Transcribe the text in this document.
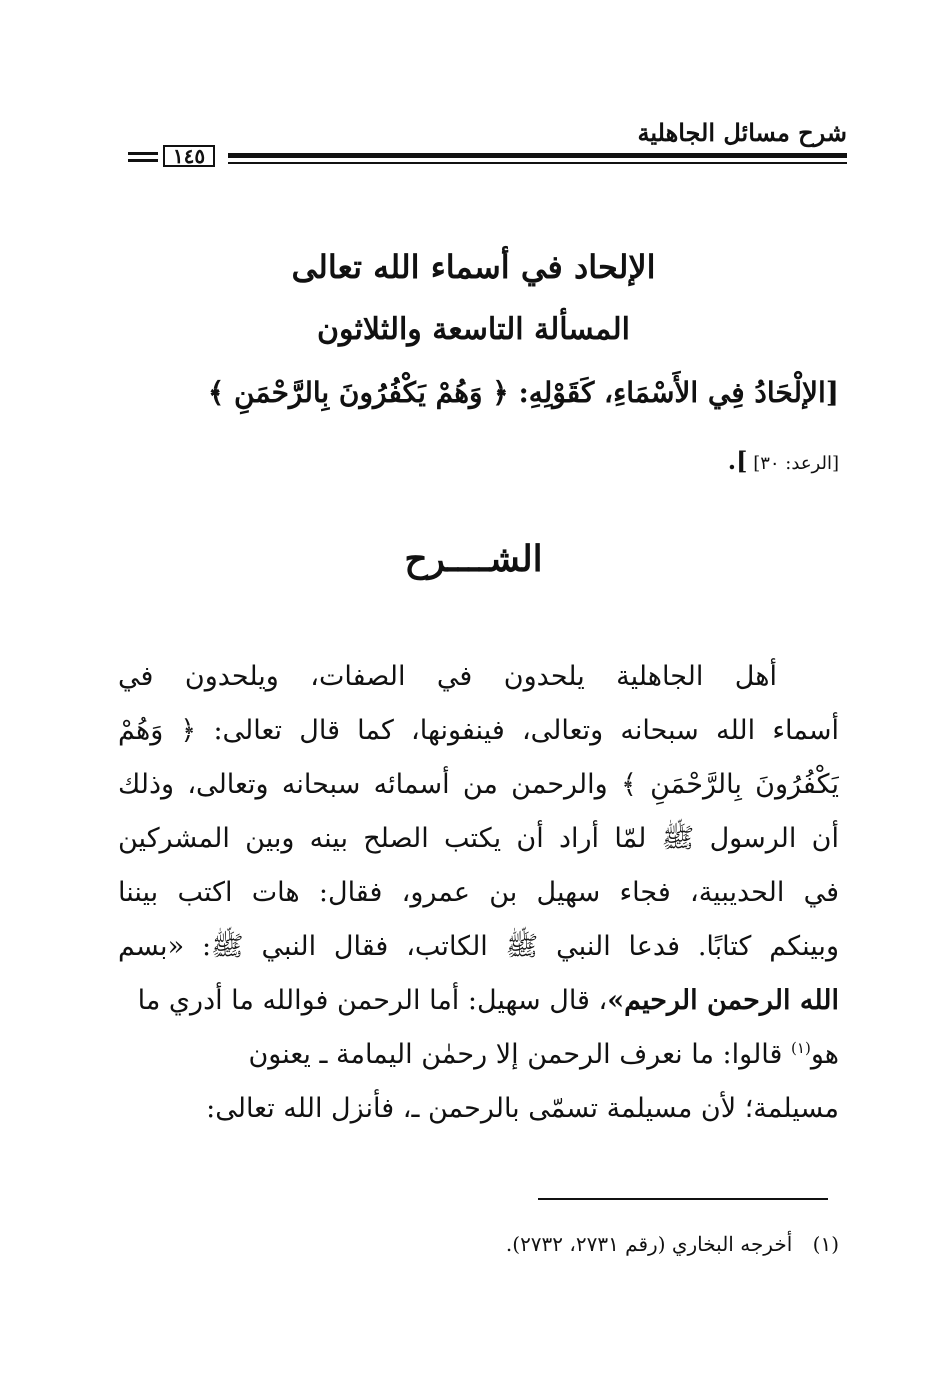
شرح مسائل الجاهلية
١٤٥
الإلحاد في أسماء الله تعالى
المسألة التاسعة والثلاثون
[الإلْحَادُ فِي الأَسْمَاءِ، كَقَوْلِهِ: ﴿ وَهُمْ يَكْفُرُونَ بِالرَّحْمَنِ ﴾
[الرعد: ٣٠] ].
الشــــرح
أهل الجاهلية يلحدون في الصفات، ويلحدون في
أسماء الله سبحانه وتعالى، فينفونها، كما قال تعالى: ﴿ وَهُمْ
يَكْفُرُونَ بِالرَّحْمَنِ ﴾ والرحمن من أسمائه سبحانه وتعالى، وذلك
أن الرسول ﷺ لمّا أراد أن يكتب الصلح بينه وبين المشركين
في الحديبية، فجاء سهيل بن عمرو، فقال: هات اكتب بيننا
وبينكم كتابًا. فدعا النبي ﷺ الكاتب، فقال النبي ﷺ: «بسم
الله الرحمن الرحيم»، قال سهيل: أما الرحمن فوالله ما أدري ما
هو$^{(١)}$ قالوا: ما نعرف الرحمن إلا رحمٰن اليمامة ـ يعنون
مسيلمة؛ لأن مسيلمة تسمّى بالرحمن ـ، فأنزل الله تعالى:
(١) أخرجه البخاري (رقم ٢٧٣١، ٢٧٣٢).
